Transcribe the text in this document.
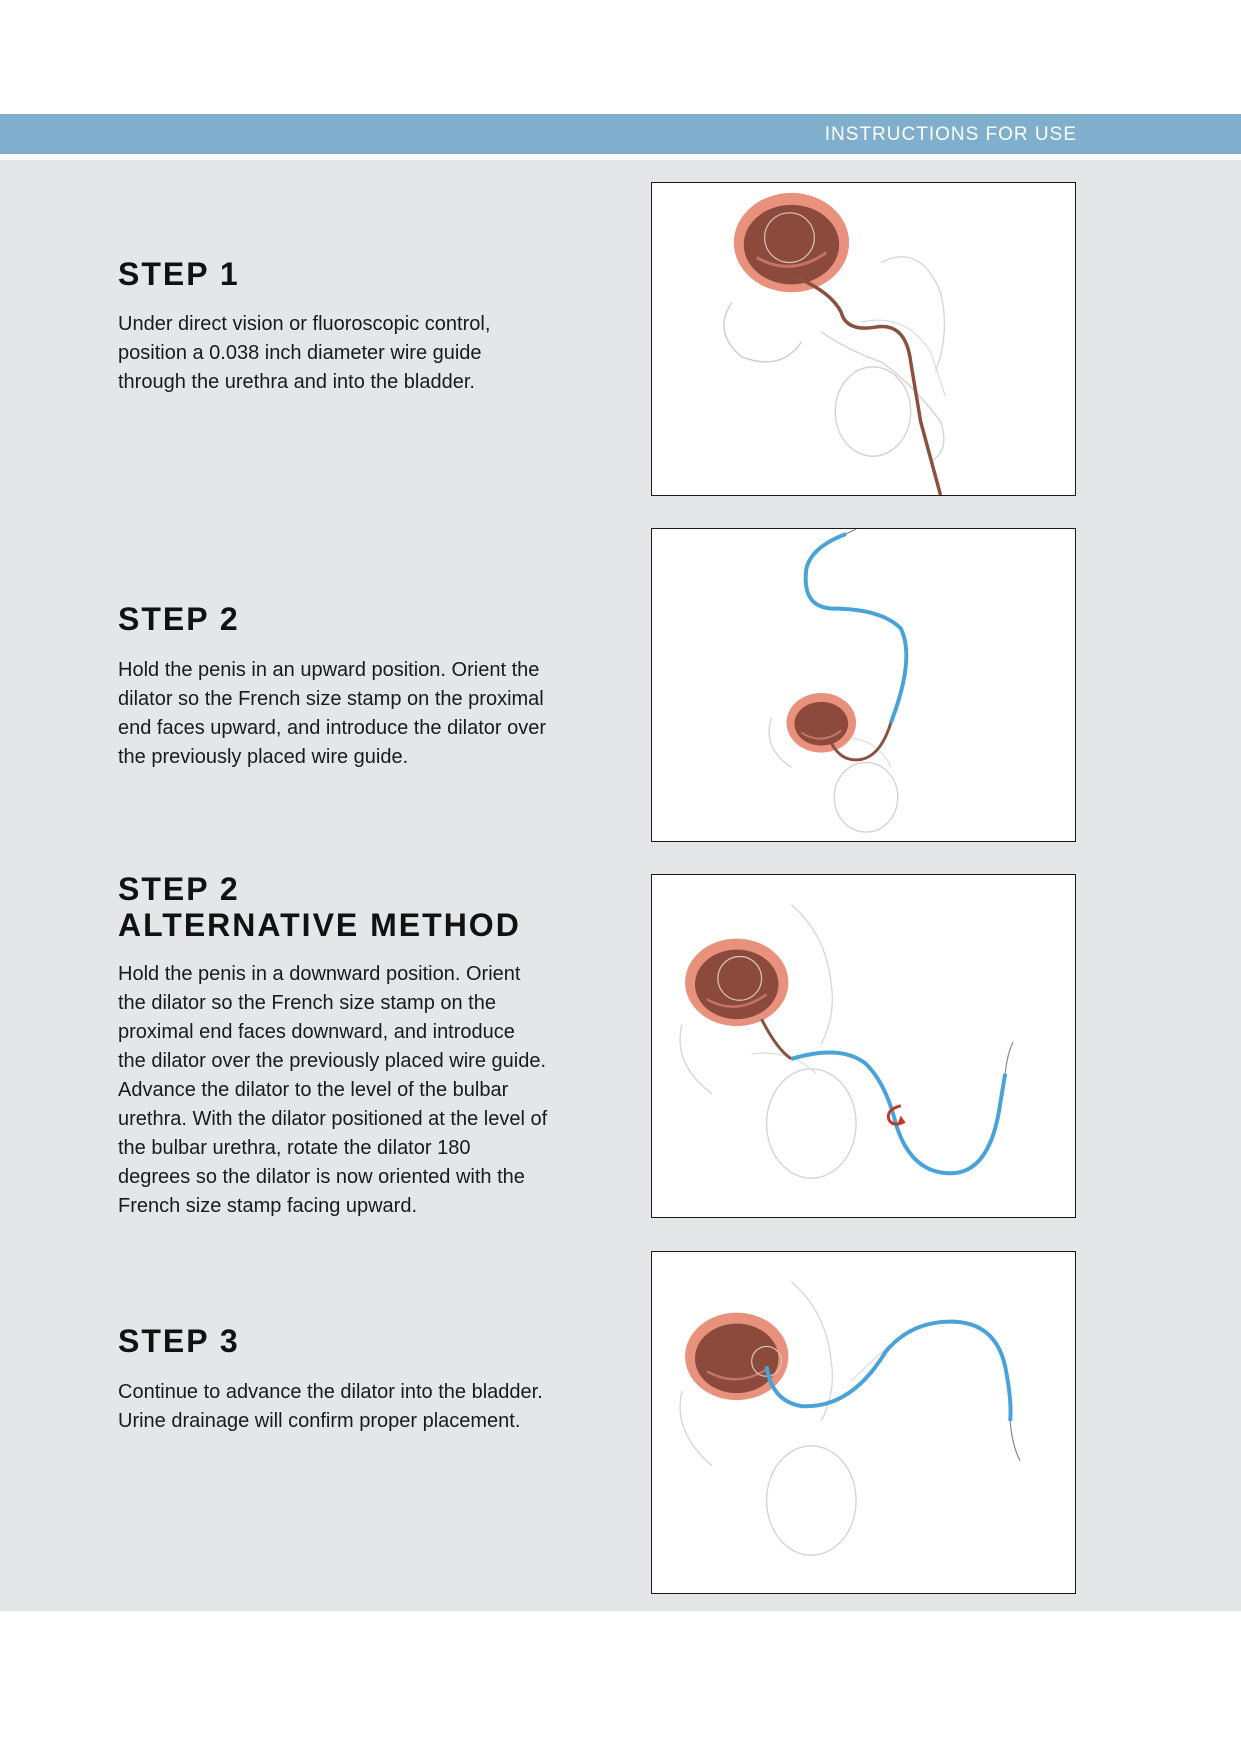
INSTRUCTIONS FOR USE
STEP 1

Under direct vision or fluoroscopic control, position a 0.038 inch diameter wire guide through the urethra and into the bladder.

STEP 2

Hold the penis in an upward position. Orient the dilator so the French size stamp on the proximal end faces upward, and introduce the dilator over the previously placed wire guide.

STEP 2
ALTERNATIVE METHOD

Hold the penis in a downward position. Orient the dilator so the French size stamp on the proximal end faces downward, and introduce the dilator over the previously placed wire guide. Advance the dilator to the level of the bulbar urethra. With the dilator positioned at the level of the bulbar urethra, rotate the dilator 180 degrees so the dilator is now oriented with the French size stamp facing upward.

STEP 3

Continue to advance the dilator into the bladder. Urine drainage will confirm proper placement.
